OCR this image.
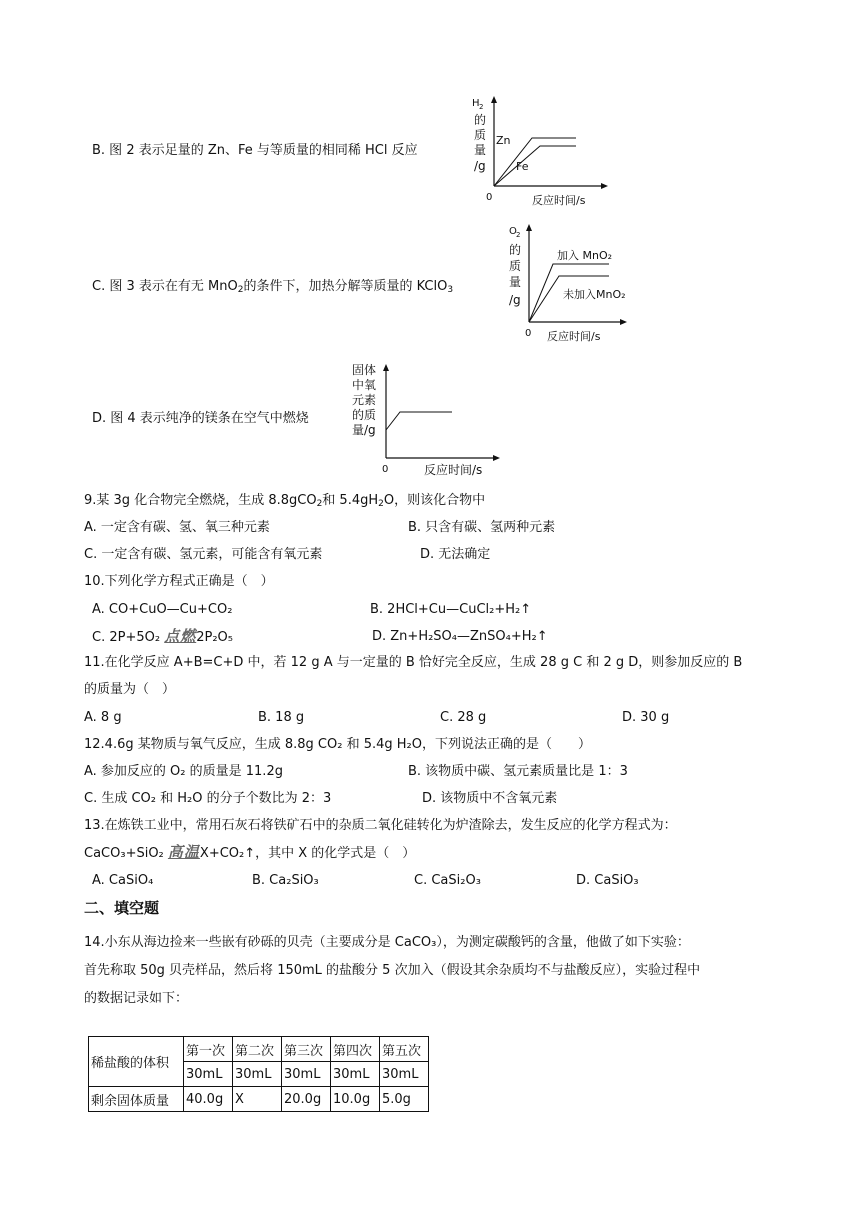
B. 图 2 表示足量的 Zn、Fe 与等质量的相同稀 HCl 反应
H 2
的质量/g
Zn
Fe
0	反应时间/s
C. 图 3 表示在有无 MnO$_2$的条件下，加热分解等质量的 KClO$_3$
O 2
的质量/g
加入 MnO₂
未加入MnO₂
0 反应时间/s
D. 图 4 表示纯净的镁条在空气中燃烧
固体中氧元素的质量/g
0	反应时间/s
9.某 3g 化合物完全燃烧，生成 8.8gCO$_2$和 $5.4gH_2O$，则该化合物中
A. 一定含有碳、氢、氧三种元素	B. 只含有碳、氢两种元素
C. 一定含有碳、氢元素，可能含有氧元素	D. 无法确定
10.下列化学方程式正确是（　）
A. CO+CuO—Cu+CO₂	B. 2HCl+Cu—CuCl₂+H₂↑
C. 2P+5O₂ 点燃2P₂O₅	D. Zn+H₂SO₄—ZnSO₄+H₂↑
11.在化学反应 A+B=C+D 中，若 12 g A 与一定量的 B 恰好完全反应，生成 28 g C 和 2 g D，则参加反应的 B
的质量为（　）
A. 8 g	B. 18 g	C. 28 g	D. 30 g
12.4.6g 某物质与氧气反应，生成 8.8g CO₂ 和 5.4g H₂O，下列说法正确的是（　　）
A. 参加反应的 O₂ 的质量是 11.2g	B. 该物质中碳、氢元素质量比是 1：3
C. 生成 CO₂ 和 H₂O 的分子个数比为 2：3	D. 该物质中不含氧元素
13.在炼铁工业中，常用石灰石将铁矿石中的杂质二氧化硅转化为炉渣除去，发生反应的化学方程式为：
CaCO₃+SiO₂ 高温X+CO₂↑，其中 X 的化学式是（　）
A. CaSiO₄	B. Ca₂SiO₃	C. CaSi₂O₃	D. CaSiO₃
二、填空题
14.小东从海边捡来一些嵌有砂砾的贝壳（主要成分是 CaCO₃），为测定碳酸钙的含量，他做了如下实验：
首先称取 50g 贝壳样品，然后将 150mL 的盐酸分 5 次加入（假设其余杂质均不与盐酸反应），实验过程中
的数据记录如下：
稀盐酸的体积	第一次	第二次	第三次	第四次	第五次
	30mL	30mL	30mL	30mL	30mL
剩余固体质量	40.0g	X	20.0g	10.0g	5.0g
